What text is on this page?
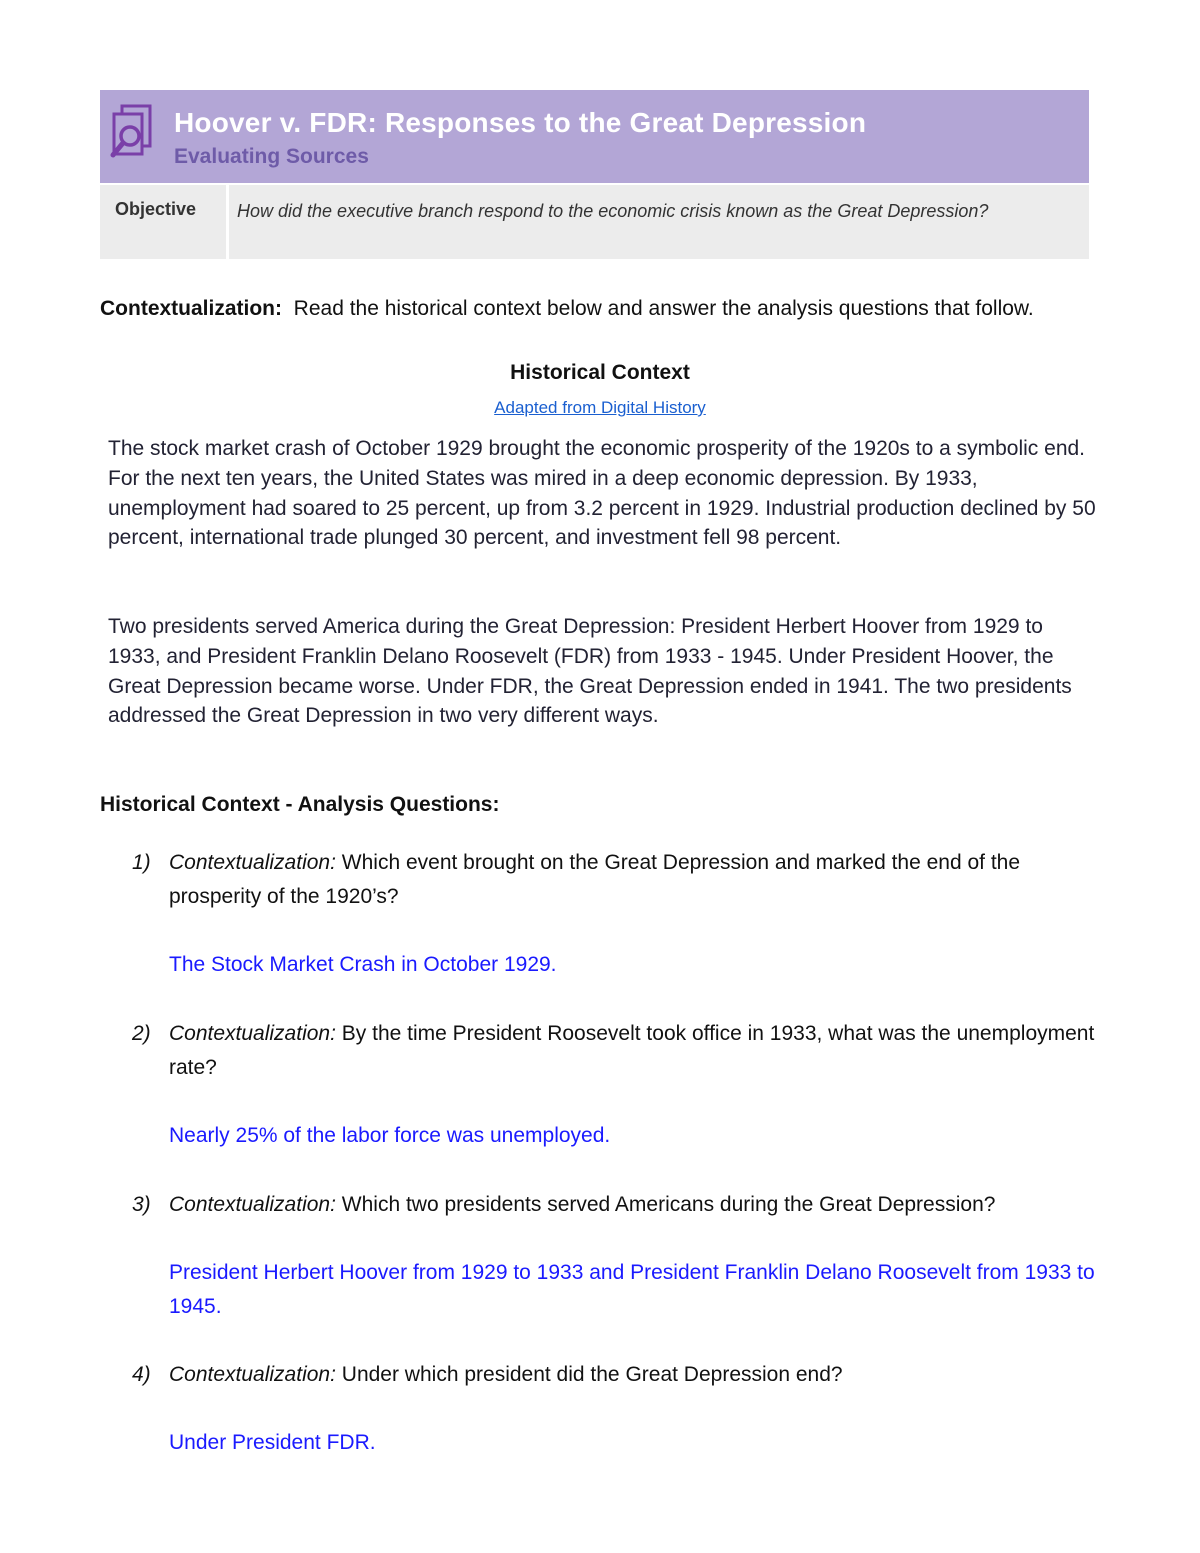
Hoover v. FDR: Responses to the Great Depression
Evaluating Sources
Objective	How did the executive branch respond to the economic crisis known as the Great Depression?
Contextualization: Read the historical context below and answer the analysis questions that follow.
Historical Context
Adapted from Digital History
The stock market crash of October 1929 brought the economic prosperity of the 1920s to a symbolic end. For the next ten years, the United States was mired in a deep economic depression. By 1933, unemployment had soared to 25 percent, up from 3.2 percent in 1929. Industrial production declined by 50 percent, international trade plunged 30 percent, and investment fell 98 percent.
Two presidents served America during the Great Depression: President Herbert Hoover from 1929 to 1933, and President Franklin Delano Roosevelt (FDR) from 1933 - 1945. Under President Hoover, the Great Depression became worse. Under FDR, the Great Depression ended in 1941. The two presidents addressed the Great Depression in two very different ways.
Historical Context - Analysis Questions:
1) Contextualization: Which event brought on the Great Depression and marked the end of the prosperity of the 1920’s?
The Stock Market Crash in October 1929.
2) Contextualization: By the time President Roosevelt took office in 1933, what was the unemployment rate?
Nearly 25% of the labor force was unemployed.
3) Contextualization: Which two presidents served Americans during the Great Depression?
President Herbert Hoover from 1929 to 1933 and President Franklin Delano Roosevelt from 1933 to 1945.
4) Contextualization: Under which president did the Great Depression end?
Under President FDR.
